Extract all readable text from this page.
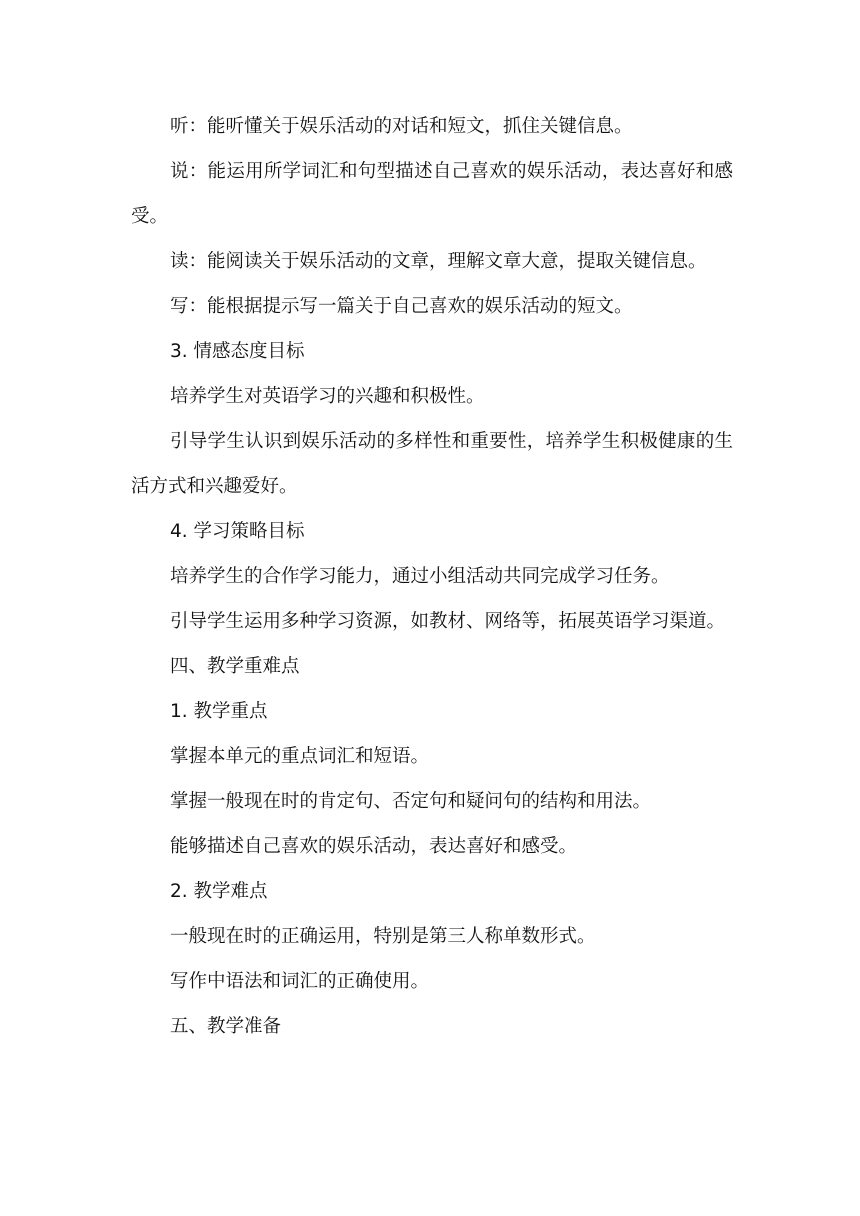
听：能听懂关于娱乐活动的对话和短文，抓住关键信息。

说：能运用所学词汇和句型描述自己喜欢的娱乐活动，表达喜好和感受。

读：能阅读关于娱乐活动的文章，理解文章大意，提取关键信息。

写：能根据提示写一篇关于自己喜欢的娱乐活动的短文。

3. 情感态度目标

培养学生对英语学习的兴趣和积极性。

引导学生认识到娱乐活动的多样性和重要性，培养学生积极健康的生活方式和兴趣爱好。

4. 学习策略目标

培养学生的合作学习能力，通过小组活动共同完成学习任务。

引导学生运用多种学习资源，如教材、网络等，拓展英语学习渠道。

四、教学重难点

1. 教学重点

掌握本单元的重点词汇和短语。

掌握一般现在时的肯定句、否定句和疑问句的结构和用法。

能够描述自己喜欢的娱乐活动，表达喜好和感受。

2. 教学难点

一般现在时的正确运用，特别是第三人称单数形式。

写作中语法和词汇的正确使用。

五、教学准备
